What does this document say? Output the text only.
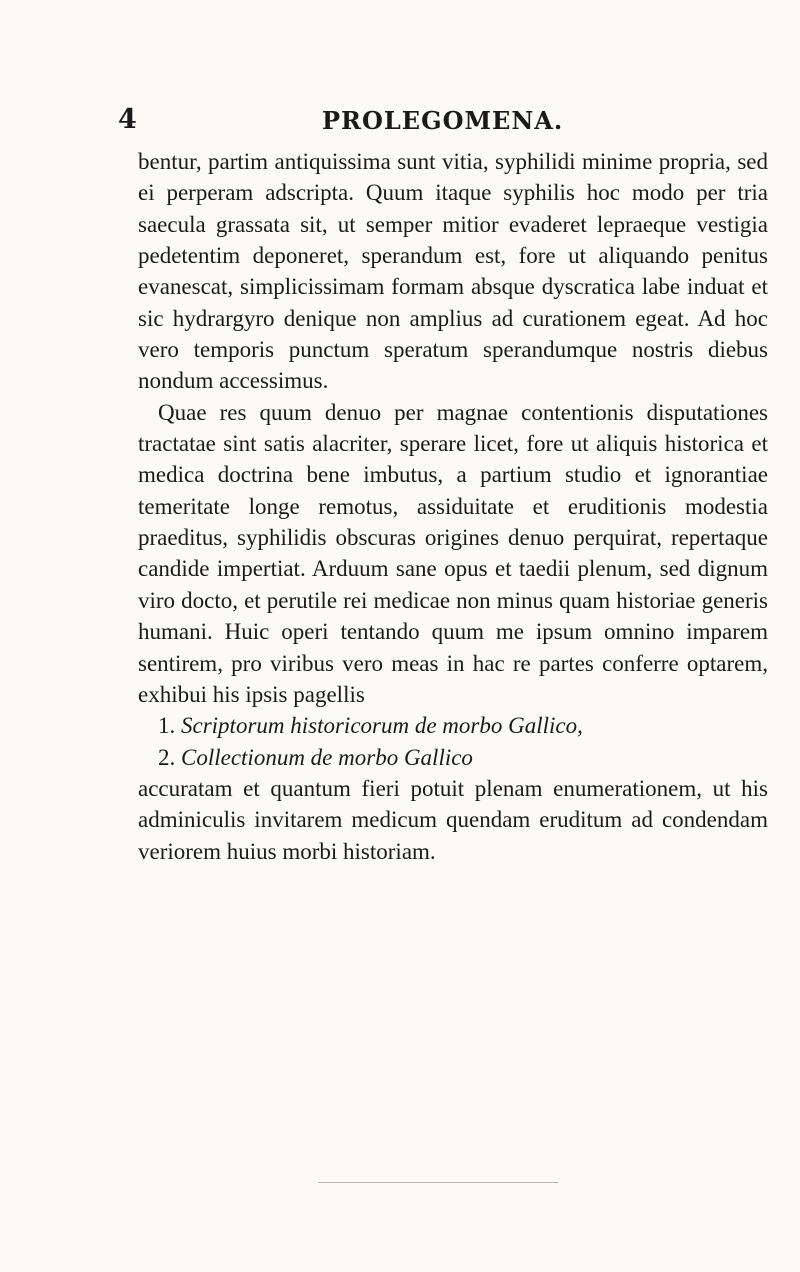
4	PROLEGOMENA.

bentur, partim antiquissima sunt vitia, syphilidi minime propria, sed ei perperam adscripta. Quum itaque syphilis hoc modo per tria saecula grassata sit, ut semper mitior evaderet lepraeque vestigia pedetentim deponeret, sperandum est, fore ut aliquando penitus evanescat, simplicissimam formam absque dyscratica labe induat et sic hydrargyro denique non amplius ad curationem egeat. Ad hoc vero temporis punctum speratum sperandumque nostris diebus nondum accessimus.

Quae res quum denuo per magnae contentionis disputationes tractatae sint satis alacriter, sperare licet, fore ut aliquis historica et medica doctrina bene imbutus, a partium studio et ignorantiae temeritate longe remotus, assiduitate et eruditionis modestia praeditus, syphilidis obscuras origines denuo perquirat, repertaque candide impertiat. Arduum sane opus et taedii plenum, sed dignum viro docto, et perutile rei medicae non minus quam historiae generis humani. Huic operi tentando quum me ipsum omnino imparem sentirem, pro viribus vero meas in hac re partes conferre optarem, exhibui his ipsis pagellis

1. Scriptorum historicorum de morbo Gallico,

2. Collectionum de morbo Gallico

accuratam et quantum fieri potuit plenam enumerationem, ut his adminiculis invitarem medicum quendam eruditum ad condendam veriorem huius morbi historiam.
